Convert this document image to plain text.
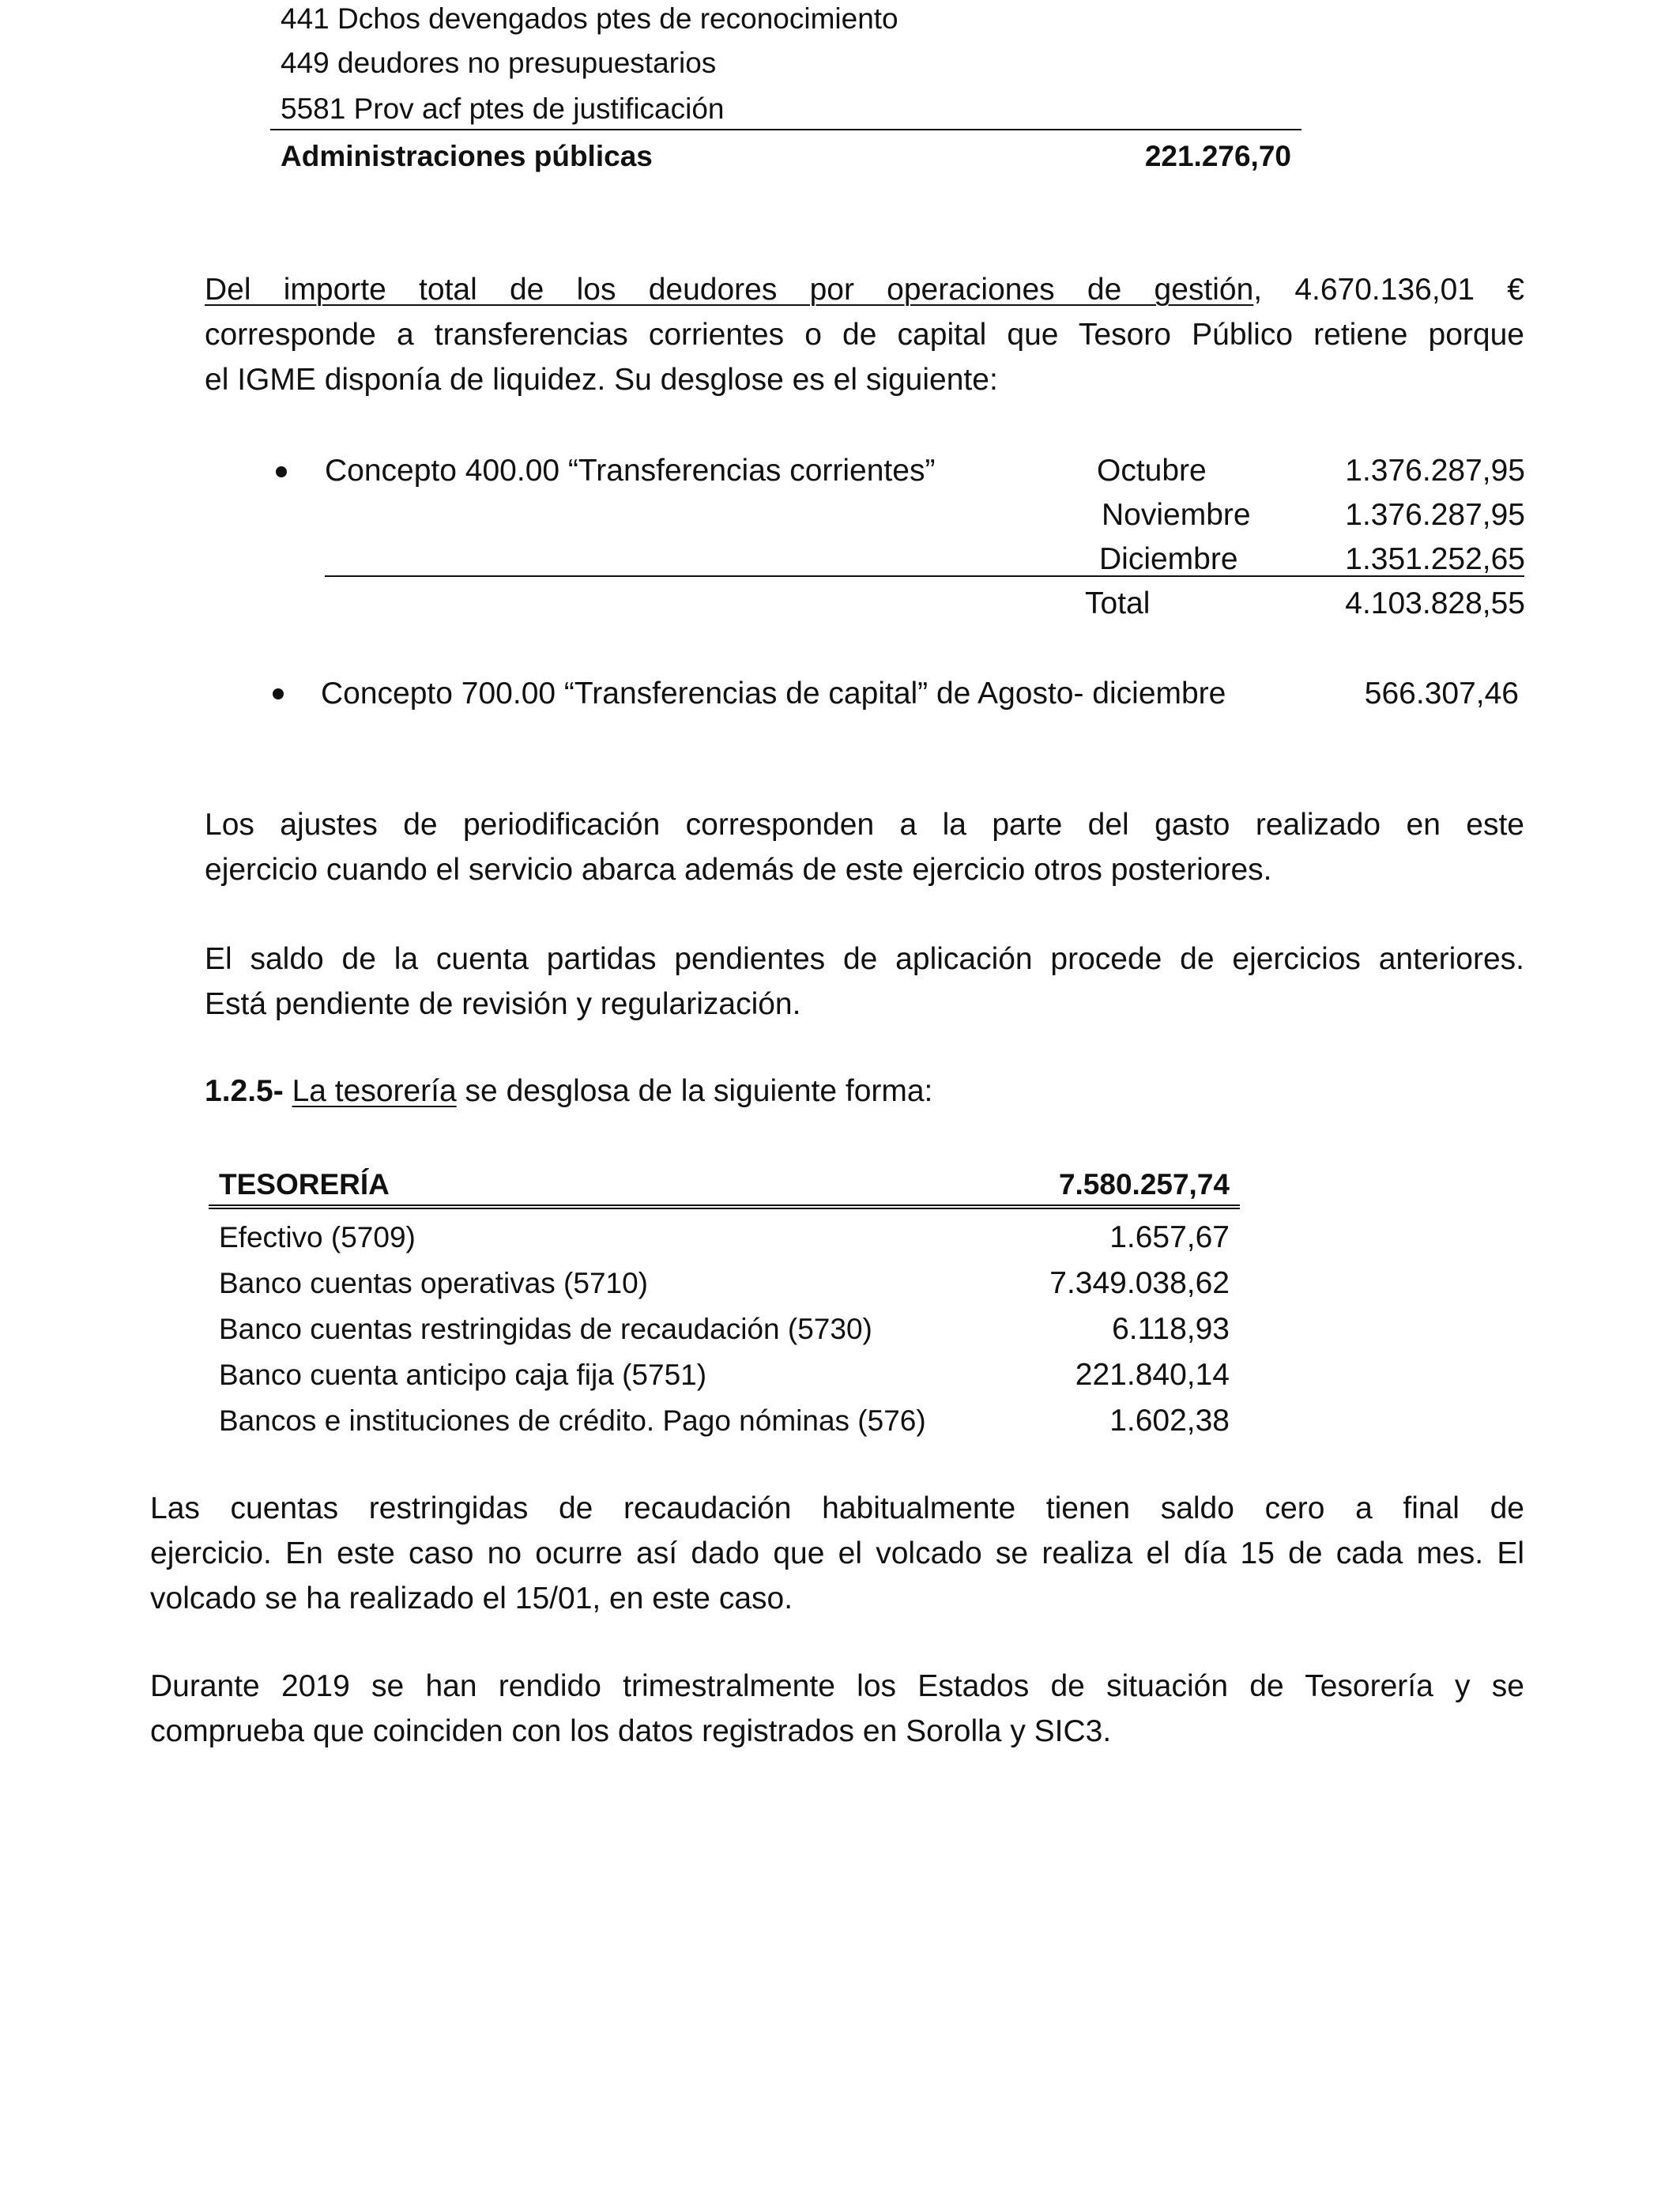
441 Dchos devengados ptes de reconocimiento
449 deudores no presupuestarios
5581 Prov acf ptes de justificación
Administraciones públicas	221.276,70
Del importe total de los deudores por operaciones de gestión, 4.670.136,01 €
corresponde a transferencias corrientes o de capital que Tesoro Público retiene porque
el IGME disponía de liquidez. Su desglose es el siguiente:
Concepto 400.00 “Transferencias corrientes”	Octubre	1.376.287,95
Noviembre	1.376.287,95
Diciembre	1.351.252,65
Total	4.103.828,55
Concepto 700.00 “Transferencias de capital” de Agosto- diciembre	566.307,46
Los ajustes de periodificación corresponden a la parte del gasto realizado en este
ejercicio cuando el servicio abarca además de este ejercicio otros posteriores.
El saldo de la cuenta partidas pendientes de aplicación procede de ejercicios anteriores.
Está pendiente de revisión y regularización.
1.2.5- La tesorería se desglosa de la siguiente forma:
TESORERÍA	7.580.257,74
Efectivo (5709)	1.657,67
Banco cuentas operativas (5710)	7.349.038,62
Banco cuentas restringidas de recaudación (5730)	6.118,93
Banco cuenta anticipo caja fija (5751)	221.840,14
Bancos e instituciones de crédito. Pago nóminas (576)	1.602,38
Las cuentas restringidas de recaudación habitualmente tienen saldo cero a final de
ejercicio. En este caso no ocurre así dado que el volcado se realiza el día 15 de cada mes. El
volcado se ha realizado el 15/01, en este caso.
Durante 2019 se han rendido trimestralmente los Estados de situación de Tesorería y se
comprueba que coinciden con los datos registrados en Sorolla y SIC3.
